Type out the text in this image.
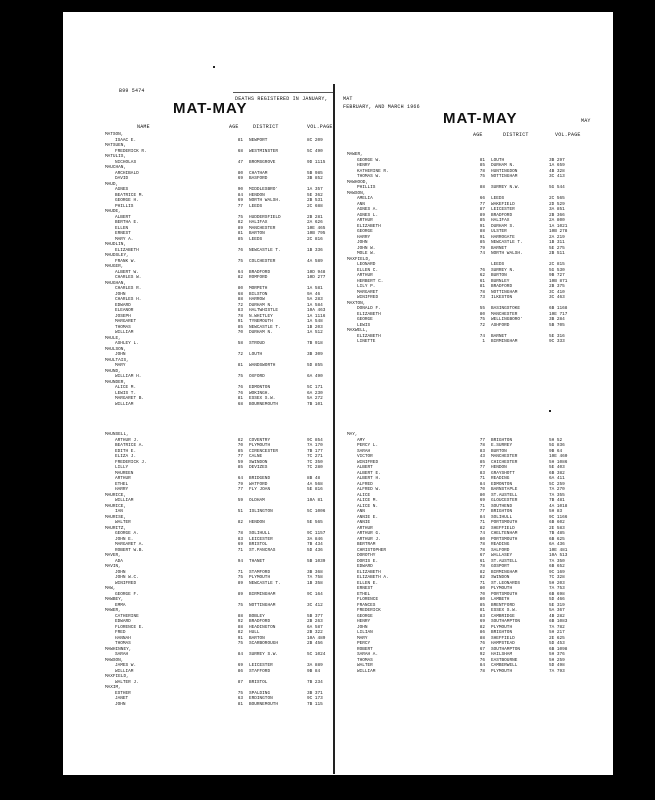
B99 5474
DEATHS REGISTERED IN JANUARY,	MAT
FEBRUARY, AND MARCH 1966
MAY
MAT-MAY
MAT-MAY
NAME	AGE	DISTRICT	VOL.PAGE
AGE	DISTRICT	VOL.PAGE
MATSON,
ISAAC E.	81	NEWPORT	8C 209
MATSUEN,
FREDERICK R.	68	WESTMINSTER	5C 490
MATULIS,
NICHOLAS	47	BROMSGROVE	9D 1115
MAUCHAN,
ARCHIBALD	80	CHATHAM	5B 985
DAVID	69	BASFORD	3B 852
MAUD,
AGNES	90	MIDDLESBRO'	1A 357
BEATRICE M.	84	HENDON	5E 362
GEORGE H.	69	NORTH WALSH.	2B 531
PHILLIS	77	LEEDS	2C 688
MAUDE,
ALBERT	75	HUDDERSFIELD	2B 281
BERTHA E.	82	HALIFAX	2A 626
ELLEN	89	MANCHESTER	10E 465
ERNEST	81	BARTON	10B 795
MARY A.	85	LEEDS	2C 816
MAUDLIN,
ELIZABETH	76	NEWCASTLE T.	1B 336
MAUDSLEY,
FRANK W.	75	COLCHESTER	4A 589
MAUGER,
ALBERT W.	64	BRADFORD	10D 948
CHARLES W.	82	ROMFORD	10D 277
MAUGHAN,
CHARLES R.	80	MORPETH	1A 581
JOHN	68	BILSTON	9A 46
CHARLES H.	88	HARROW	5A 283
EDWARD	72	DURHAM N.	1A 584
ELEANOR	83	HALTWHISTLE	10A 463
JOSEPH	78	N.WHITLEY	1A 1116
MARGARET	91	TYNEMOUTH	1A 548
THOMAS	85	NEWCASTLE T.	1B 203
WILLIAM	70	DURHAM N.	1A 512
MAULE,
ASHLEY L.	58	STROUD	7B 918
MAULSON,
JOHN	72	LOUTH	3B 309
MAULTAIS,
MARY	81	WANDSWORTH	5D 855
MAUND,
WILLIAM H.	75	OXFORD	6A 490
MAUNDER,
ALICE M.	76	EDMONTON	5C 171
LEWIS T.	76	WOKINGH.	6A 230
MARGARET B.	81	ESSEX S.W.	5A 272
WILLIAM	68	BOURNEMOUTH	7B 101
MAUNSELL,
ARTHUR J.	82	COVENTRY	9C 854
BEATRICE A.	70	PLYMOUTH	7A 170
EDITH E.	85	CIRENCESTER	7B 177
ELIZA J.	77	CALNE	7C 271
FREDERICK J.	59	SWINDON	7C 350
LILLY	85	DEVIZES	7C 280
MAUREEN
ARTHUR	64	BRIDGEND	8B 48
ETHEL	79	WATFORD	4A 568
HARRY	77	FLY JOAN	5E 816
MAURICE,
WILLIAM	59	OLDHAM	10A 81
MAURICE,
IAN	51	ISLINGTON	5C 1006
MAURISE,
WALTER	82	HENDON	5E 565
MAURITZ,
GEORGE A.	78	SOLIHULL	9C 1157
JOHN E.	83	LEICESTER	3A 846
MARGARET A.	69	BRISTOL	7B 434
ROBERT W.B.	71	ST.PANCRAS	5D 436
MAVER,
ADA	94	THANET	5B 1039
MAVIN,
JOHN	71	STAMFORD	3B 368
JOHN W.C.	75	PLYMOUTH	7A 758
WINIFRED	89	NEWCASTLE T.	1B 358
MAW,
GEORGE F.	89	BIRMINGHAM	9C 164
MAWBEY,
EMMA	75	NOTTINGHAM	3C 412
MAWER,
CATHERINE	88	BOBLEY	5B 377
EDWARD	92	BRADFORD	2B 263
FLORENCE E.	88	HEADINGTON	6A 587
FRED	82	HULL	2B 322
HANNAH	91	BARTON	10A 489
THOMAS	75	SCARBOROUGH	2B 456
MAWHINNEY,
SARAH	84	SURREY S.W.	5C 1024
MAWSON,
JAMES W.	69	LEICESTER	3A 889
WILLIAM	86	STAFFORD	9B 84
MAXFIELD,
WALTER J.	87	BRISTOL	7B 234
MAXIM,
ESTHER	75	SPALDING	3B 371
JANET	63	ERDINGTON	9C 173
JOHN	81	BOURNEMOUTH	7B 115
MAWER,
GEORGE W.	81	LOUTH	3B 297
HENRY	85	DURHAM N.	1A 659
KATHERINE R.	78	HUNTINGDON	4B 328
THOMAS W.	75	NOTTINGHAM	3C 413
MAWHOOD,
PHILLIS	88	SURREY N.W.	5G 544
MAWSON,
AMELIA	66	LEEDS	2C 565
ANN	77	WAKEFIELD	2D 529
AGNES A.	87	LEICESTER	3A 851
AGNES L.	89	BRADFORD	2B 366
ARTHUR	85	HALIFAX	2A 800
ELIZABETH	91	DURHAM S.	1A 1021
GEORGE	88	ULSTER	10B 278
HARRY	91	HARROGATE	2A 219
JOHN	85	NEWCASTLE T.	1B 311
JOHN W.	79	BARNET	5E 275
MOLE W.	74	NORTH WALSH.	2B 511
MAXFIELD,
LEONARD	LEEDS	2C 815
ELLEN C.	76	SURREY N.	5G 530
ARTHUR	62	BURTON	9B 727
HERBERT C.	61	BURNLEY	10B 871
LILY P.	81	BRADFORD	2B 375
MARGARET	78	NOTTINGHAM	3C 410
WINIFRED	73	ILKESTON	3C 463
MAXTON,
DONALD F.	55	BASINGSTOKE	6B 1168
ELIZABETH	80	MANCHESTER	10E 717
GEORGE	75	WELLINGBORO'	3B 284
LEWIS	72	ASHFORD	5B 705
MAXWELL,
ELIZABETH	74	BARNET	5E 316
LINETTE	1	BIRMINGHAM	9C 333
MAY,
AMY	77	BRIGHTON	5H 52
PERCY L.	78	E.SURREY	5G 836
SARAH	83	BURTON	9B 64
VICTOR	43	MANCHESTER	10E 460
WINIFRED	85	CHICHESTER	5H 1086
ALBERT	77	HENDON	5E 403
ALBERT E.	83	GRAYSHOTT	6B 382
ALBERT H.	71	READING	6A 411
ALFRED	84	EDMONTON	5C 259
ALFRED W.	70	BARNSTAPLE	7A 270
ALICE	80	ST.AUSTELL	7A 355
ALICE M.	69	GLOUCESTER	7B 481
ALICE N.	71	SOUTHEND	4A 1018
ANN	77	BRIGHTON	5H 83
ANNIE E.	84	SOLIHULL	9C 1166
ANNIE	71	PORTSMOUTH	6B 602
ARTHUR	82	SHEFFIELD	2E 583
ARTHUR G.	74	CHELTENHAM	7B 485
ARTHUR J.	80	PORTSMOUTH	6B 625
BERTRAM	78	READING	6A 436
CHRISTOPHER	78	SALFORD	10E 481
DOROTHY	67	WALLASEY	10A 513
DORIS E.	61	ST.AUSTELL	7A 350
EDWARD	78	GOSPORT	6B 652
ELIZABETH	82	BIRMINGHAM	9C 169
ELIZABETH A.	82	SWINDON	7C 328
ELLEN E.	71	ST.LEONARDS	5H 203
ERNEST	80	PLYMOUTH	7A 753
ETHEL	70	PORTSMOUTH	6B 698
FLORENCE	80	LAMBETH	5D 466
FRANCES	85	BRENTFORD	5E 319
FREDERICK	81	ESSEX S.W.	5A 367
GEORGE	83	CAMBRIDGE	4B 282
HENRY	69	SOUTHAMPTON	6B 1083
JOHN	82	PLYMOUTH	7A 782
LILIAN	86	BRIGHTON	5H 217
MARY	88	SHEFFIELD	2E 625
PERCY	76	HAMPSTEAD	5D 453
ROBERT	67	SOUTHAMPTON	6B 1098
SARAH A.	92	HAILSHAM	5H 376
THOMAS	76	EASTBOURNE	5H 259
WALTER	84	CAMBERWELL	5D 498
WILLIAM	78	PLYMOUTH	7A 793
